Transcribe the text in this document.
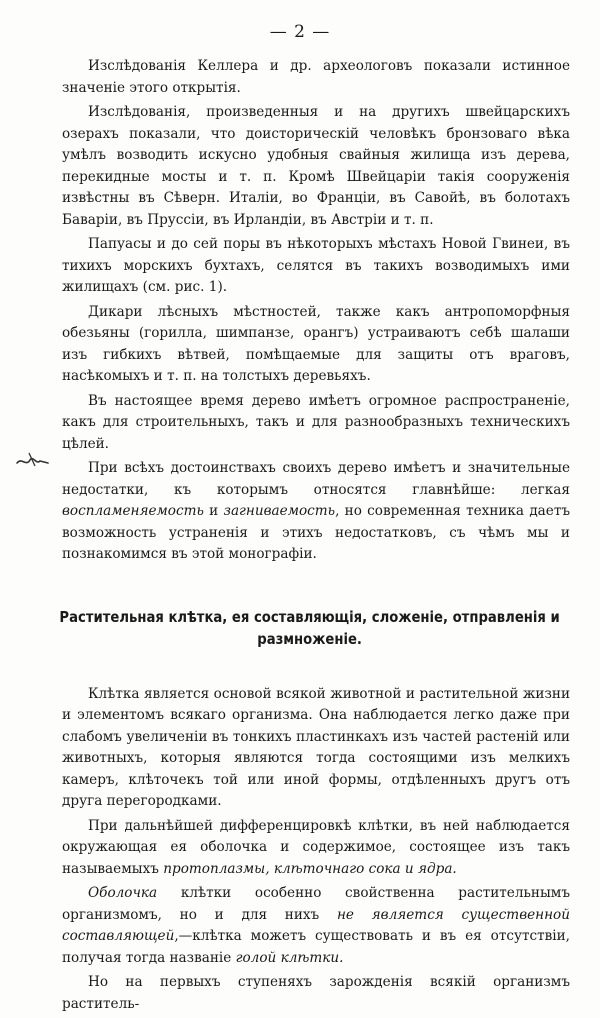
— 2 —

Изслѣдованія Келлера и др. археологовъ показали истинное значеніе этого открытія.

Изслѣдованія, произведенныя и на другихъ швейцарскихъ озерахъ показали, что доисторическій человѣкъ бронзоваго вѣка умѣлъ возводить искусно удобныя свайныя жилища изъ дерева, перекидные мосты и т. п. Кромѣ Швейцаріи такія сооруженія извѣстны въ Сѣверн. Италіи, во Франціи, въ Савойѣ, въ болотахъ Баваріи, въ Пруссіи, въ Ирландіи, въ Австріи и т. п.

Папуасы и до сей поры въ нѣкоторыхъ мѣстахъ Новой Гвинеи, въ тихихъ морскихъ бухтахъ, селятся въ такихъ возводимыхъ ими жилищахъ (см. рис. 1).

Дикари лѣсныхъ мѣстностей, также какъ антропоморфныя обезьяны (горилла, шимпанзе, орангъ) устраиваютъ себѣ шалаши изъ гибкихъ вѣтвей, помѣщаемые для защиты отъ враговъ, насѣкомыхъ и т. п. на толстыхъ деревьяхъ.

Въ настоящее время дерево имѣетъ огромное распространеніе, какъ для строительныхъ, такъ и для разнообразныхъ техническихъ цѣлей.

При всѣхъ достоинствахъ своихъ дерево имѣетъ и значительные недостатки, къ которымъ относятся главнѣйше: легкая воспламеняемость и загниваемость, но современная техника даетъ возможность устраненія и этихъ недостатковъ, съ чѣмъ мы и познакомимся въ этой монографіи.

Растительная клѣтка, ея составляющія, сложеніе, отправленія и размноженіе.

Клѣтка является основой всякой животной и растительной жизни и элементомъ всякаго организма. Она наблюдается легко даже при слабомъ увеличеніи въ тонкихъ пластинкахъ изъ частей растеній или животныхъ, которыя являются тогда состоящими изъ мелкихъ камеръ, клѣточекъ той или иной формы, отдѣленныхъ другъ отъ друга перегородками.

При дальнѣйшей дифференцировкѣ клѣтки, въ ней наблюдается окружающая ея оболочка и содержимое, состоящее изъ такъ называемыхъ протоплазмы, клѣточнаго сока и ядра.

Оболочка клѣтки особенно свойственна растительнымъ организмомъ, но и для нихъ не является существенной составляющей,—клѣтка можетъ существовать и въ ея отсутствіи, получая тогда названіе голой клѣтки.

Но на первыхъ ступеняхъ зарожденія всякій организмъ раститель-
